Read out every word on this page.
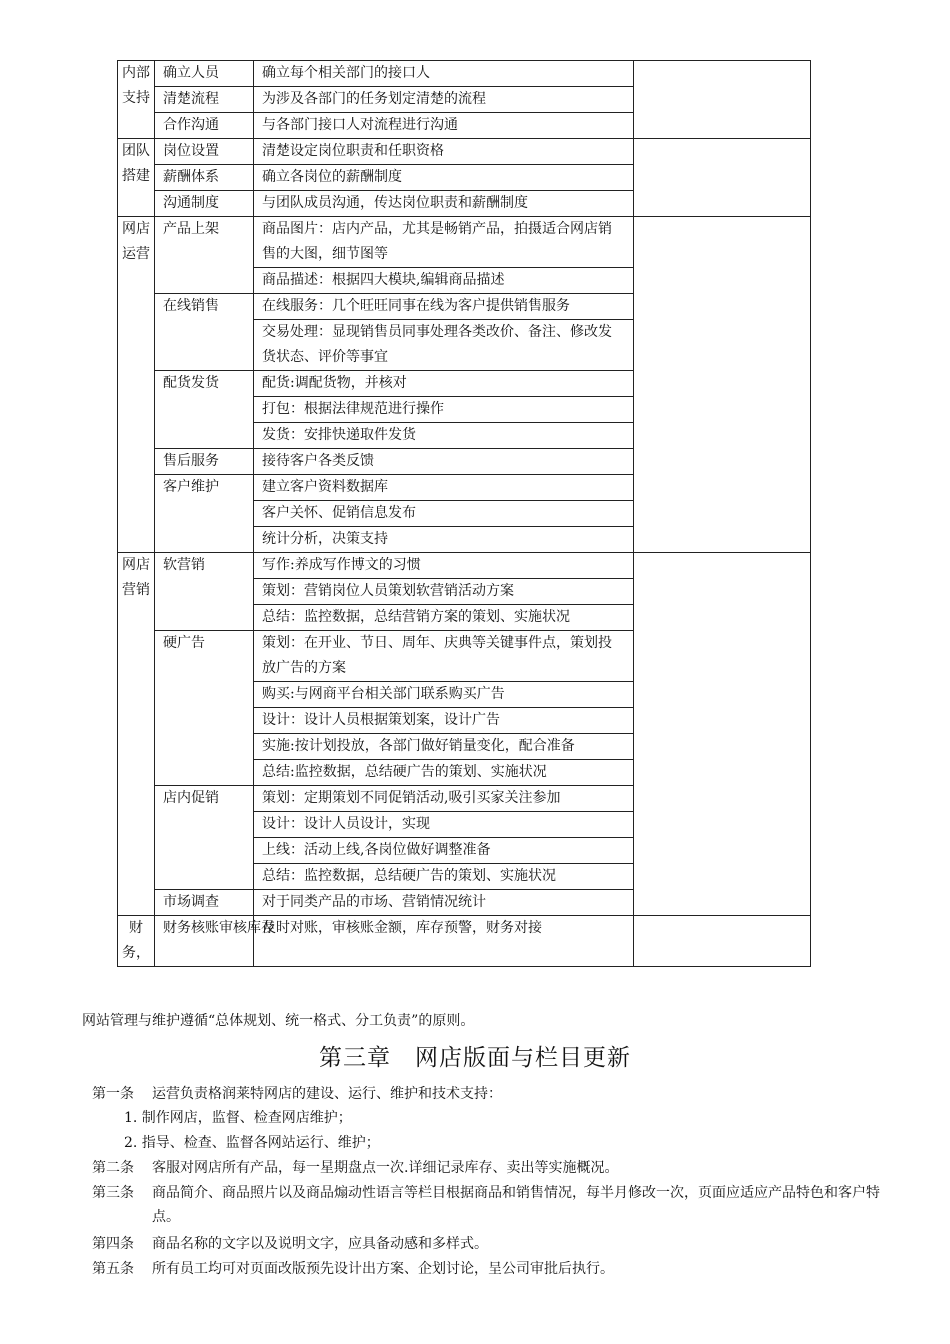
内部支持	确立人员	确立每个相关部门的接口人	
	清楚流程	为涉及各部门的任务划定清楚的流程	
	合作沟通	与各部门接口人对流程进行沟通	
团队搭建	岗位设置	清楚设定岗位职责和任职资格	
	薪酬体系	确立各岗位的薪酬制度	
	沟通制度	与团队成员沟通，传达岗位职责和薪酬制度	
网店运营	产品上架	商品图片：店内产品，尤其是畅销产品，拍摄适合网店销售的大图，细节图等	
		商品描述：根据四大模块,编辑商品描述	
	在线销售	在线服务：几个旺旺同事在线为客户提供销售服务	
		交易处理：显现销售员同事处理各类改价、备注、修改发货状态、评价等事宜	
	配货发货	配货:调配货物，并核对	
		打包：根据法律规范进行操作	
		发货：安排快递取件发货	
	售后服务	接待客户各类反馈	
	客户维护	建立客户资料数据库	
		客户关怀、促销信息发布	
		统计分析，决策支持	
网店营销	软营销	写作:养成写作博文的习惯	
		策划：营销岗位人员策划软营销活动方案	
		总结：监控数据，总结营销方案的策划、实施状况	
	硬广告	策划：在开业、节日、周年、庆典等关键事件点，策划投放广告的方案	
		购买:与网商平台相关部门联系购买广告	
		设计：设计人员根据策划案，设计广告	
		实施:按计划投放，各部门做好销量变化，配合准备	
		总结:监控数据，总结硬广告的策划、实施状况	
	店内促销	策划：定期策划不同促销活动,吸引买家关注参加	
		设计：设计人员设计，实现	
		上线：活动上线,各岗位做好调整准备	
		总结：监控数据，总结硬广告的策划、实施状况	
	市场调查	对于同类产品的市场、营销情况统计	
财务，	财务核账审核库存	及时对账，审核账金额，库存预警，财务对接	
网站管理与维护遵循“总体规划、统一格式、分工负责”的原则。
第三章　网店版面与栏目更新
第一条 运营负责格润莱特网店的建设、运行、维护和技术支持：
1. 制作网店，监督、检查网店维护；
2. 指导、检查、监督各网站运行、维护；
第二条 客服对网店所有产品，每一星期盘点一次.详细记录库存、卖出等实施概况。
第三条 商品简介、商品照片以及商品煽动性语言等栏目根据商品和销售情况，每半月修改一次，页面应适应产品特色和客户特点。
第四条 商品名称的文字以及说明文字，应具备动感和多样式。
第五条 所有员工均可对页面改版预先设计出方案、企划讨论，呈公司审批后执行。
